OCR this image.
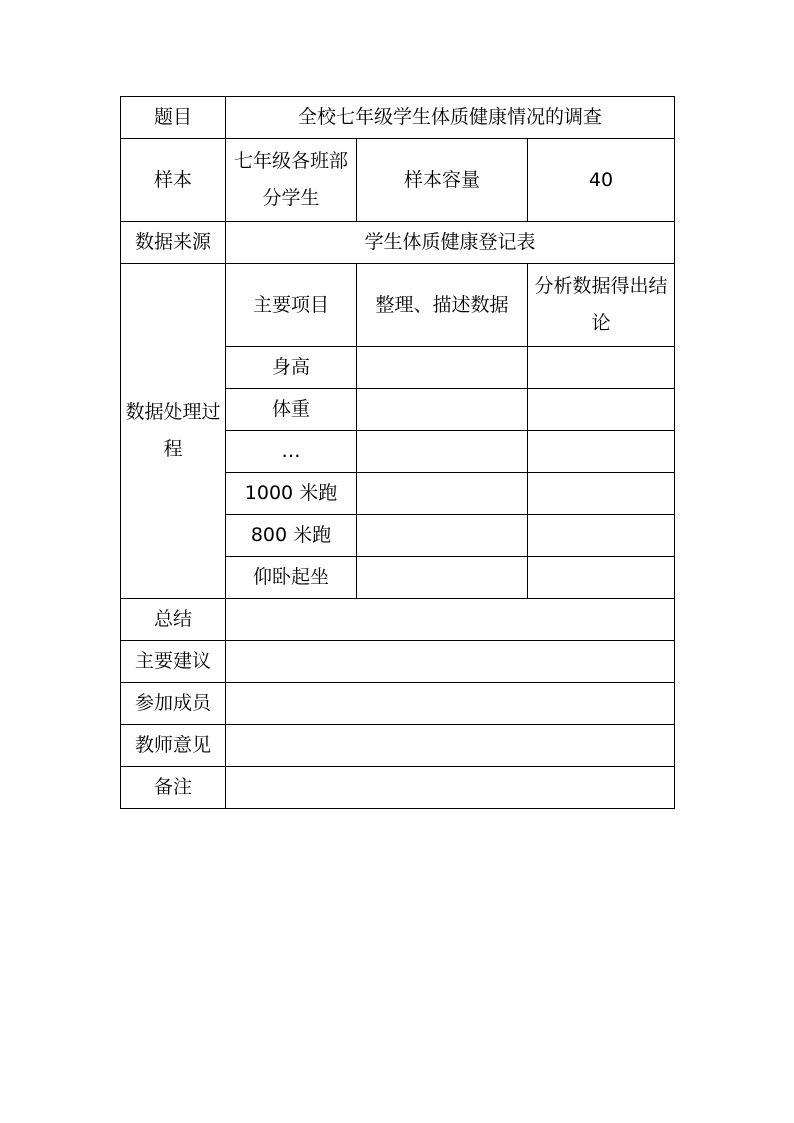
题目	全校七年级学生体质健康情况的调查		
样本	七年级各班部分学生	样本容量	40
数据来源	学生体质健康登记表		
数据处理过程	主要项目	整理、描述数据	分析数据得出结论
	身高		
	体重		
	…		
	1000 米跑		
	800 米跑		
	仰卧起坐		
总结			
主要建议			
参加成员			
教师意见			
备注			
